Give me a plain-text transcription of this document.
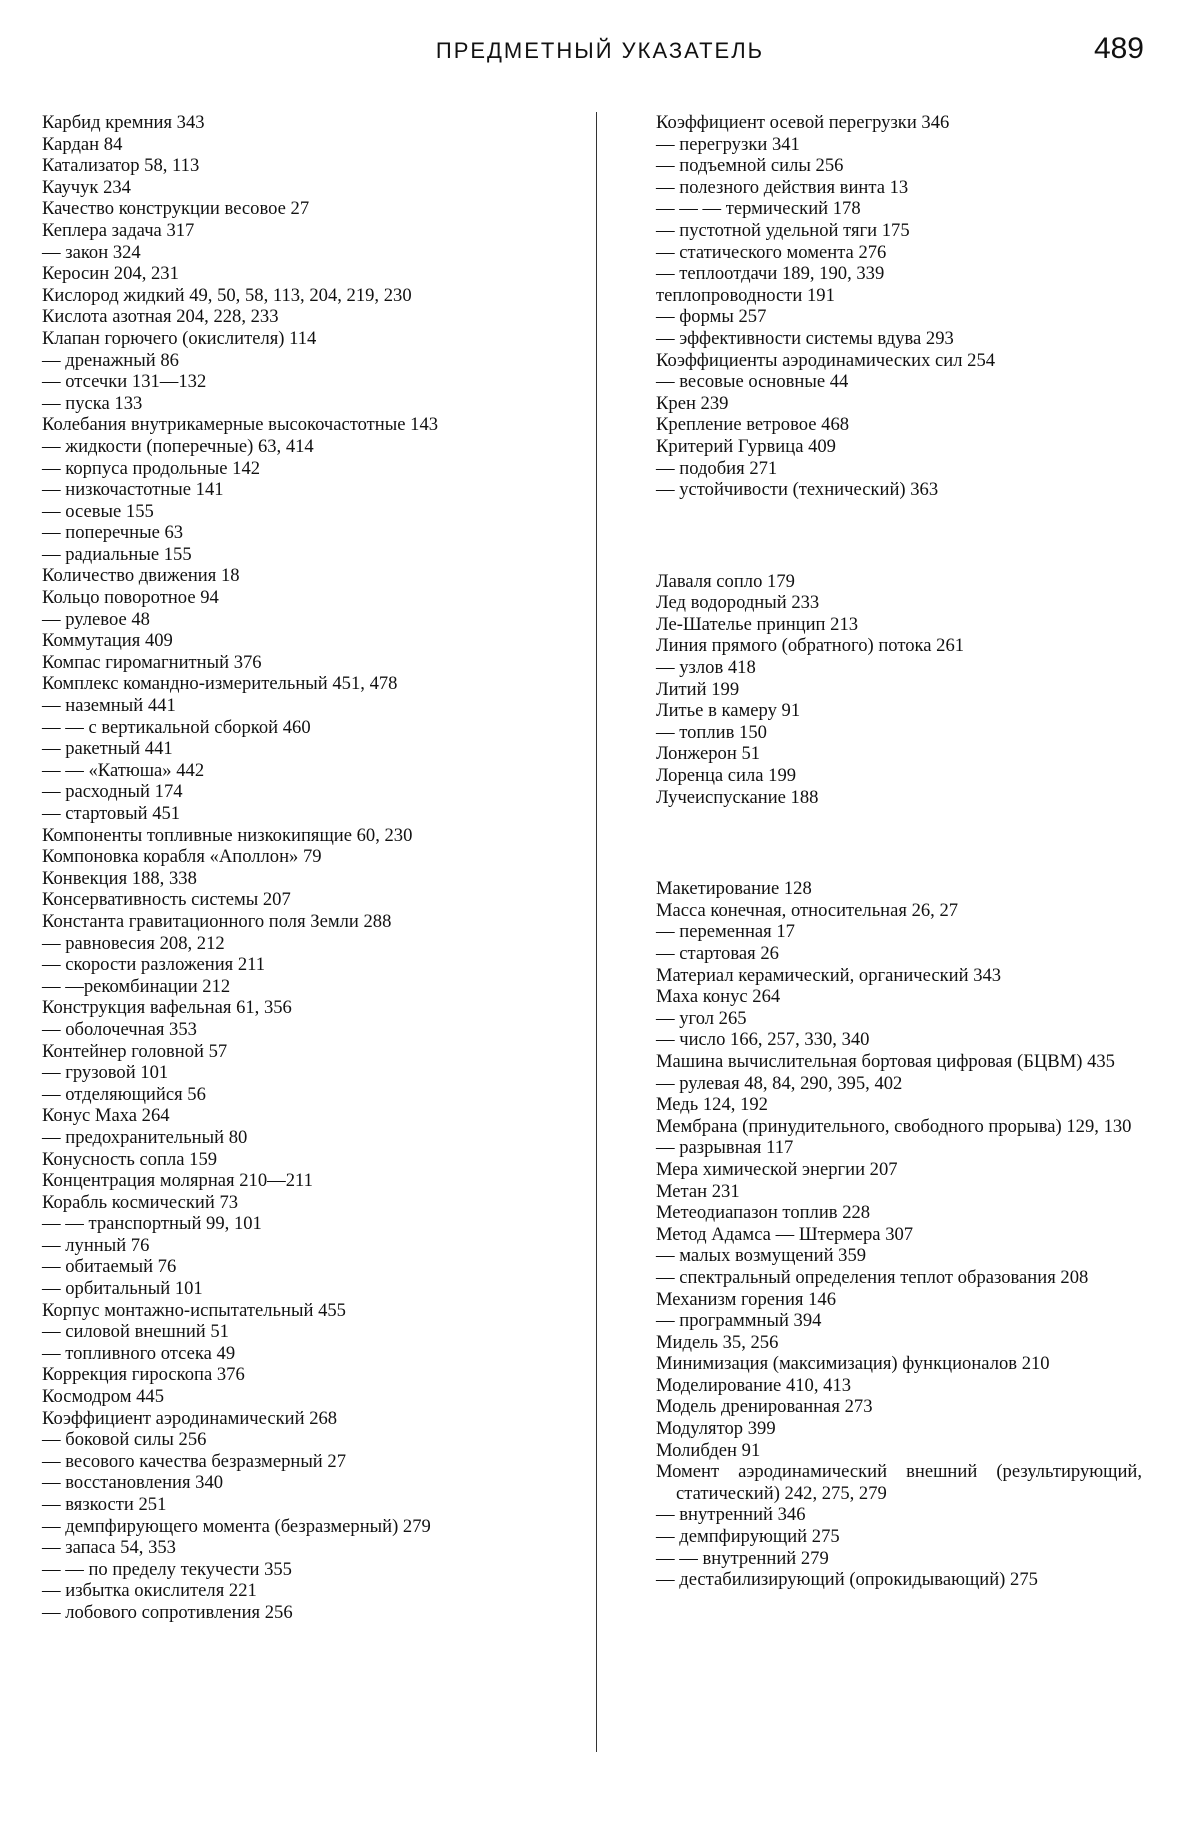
ПРЕДМЕТНЫЙ УКАЗАТЕЛЬ	489
Карбид кремния 343
Кардан 84
Катализатор 58, 113
Каучук 234
Качество конструкции весовое 27
Кеплера задача 317
— закон 324
Керосин 204, 231
Кислород жидкий 49, 50, 58, 113, 204, 219, 230
Кислота азотная 204, 228, 233
Клапан горючего (окислителя) 114
— дренажный 86
— отсечки 131—132
— пуска 133
Колебания внутрикамерные высокочастотные 143
— жидкости (поперечные) 63, 414
— корпуса продольные 142
— низкочастотные 141
— осевые 155
— поперечные 63
— радиальные 155
Количество движения 18
Кольцо поворотное 94
— рулевое 48
Коммутация 409
Компас гиромагнитный 376
Комплекс командно-измерительный 451, 478
— наземный 441
— — с вертикальной сборкой 460
— ракетный 441
— — «Катюша» 442
— расходный 174
— стартовый 451
Компоненты топливные низкокипящие 60, 230
Компоновка корабля «Аполлон» 79
Конвекция 188, 338
Консервативность системы 207
Константа гравитационного поля Земли 288
— равновесия 208, 212
— скорости разложения 211
— —рекомбинации 212
Конструкция вафельная 61, 356
— оболочечная 353
Контейнер головной 57
— грузовой 101
— отделяющийся 56
Конус Маха 264
— предохранительный 80
Конусность сопла 159
Концентрация молярная 210—211
Корабль космический 73
— — транспортный 99, 101
— лунный 76
— обитаемый 76
— орбитальный 101
Корпус монтажно-испытательный 455
— силовой внешний 51
— топливного отсека 49
Коррекция гироскопа 376
Космодром 445
Коэффициент аэродинамический 268
— боковой силы 256
— весового качества безразмерный 27
— восстановления 340
— вязкости 251
— демпфирующего момента (безразмерный) 279
— запаса 54, 353
— — по пределу текучести 355
— избытка окислителя 221
— лобового сопротивления 256
Коэффициент осевой перегрузки 346
— перегрузки 341
— подъемной силы 256
— полезного действия винта 13
— — — термический 178
— пустотной удельной тяги 175
— статического момента 276
— теплоотдачи 189, 190, 339
теплопроводности 191
— формы 257
— эффективности системы вдува 293
Коэффициенты аэродинамических сил 254
— весовые основные 44
Крен 239
Крепление ветровое 468
Критерий Гурвица 409
— подобия 271
— устойчивости (технический) 363
Лаваля сопло 179
Лед водородный 233
Ле-Шателье принцип 213
Линия прямого (обратного) потока 261
— узлов 418
Литий 199
Литье в камеру 91
— топлив 150
Лонжерон 51
Лоренца сила 199
Лучеиспускание 188
Макетирование 128
Масса конечная, относительная 26, 27
— переменная 17
— стартовая 26
Материал керамический, органический 343
Маха конус 264
— угол 265
— число 166, 257, 330, 340
Машина вычислительная бортовая цифровая (БЦВМ) 435
— рулевая 48, 84, 290, 395, 402
Медь 124, 192
Мембрана (принудительного, свободного прорыва) 129, 130
— разрывная 117
Мера химической энергии 207
Метан 231
Метеодиапазон топлив 228
Метод Адамса — Штермера 307
— малых возмущений 359
— спектральный определения теплот образования 208
Механизм горения 146
— программный 394
Мидель 35, 256
Минимизация (максимизация) функционалов 210
Моделирование 410, 413
Модель дренированная 273
Модулятор 399
Молибден 91
Момент аэродинамический внешний (результирующий, статический) 242, 275, 279
— внутренний 346
— демпфирующий 275
— — внутренний 279
— дестабилизирующий (опрокидывающий) 275
